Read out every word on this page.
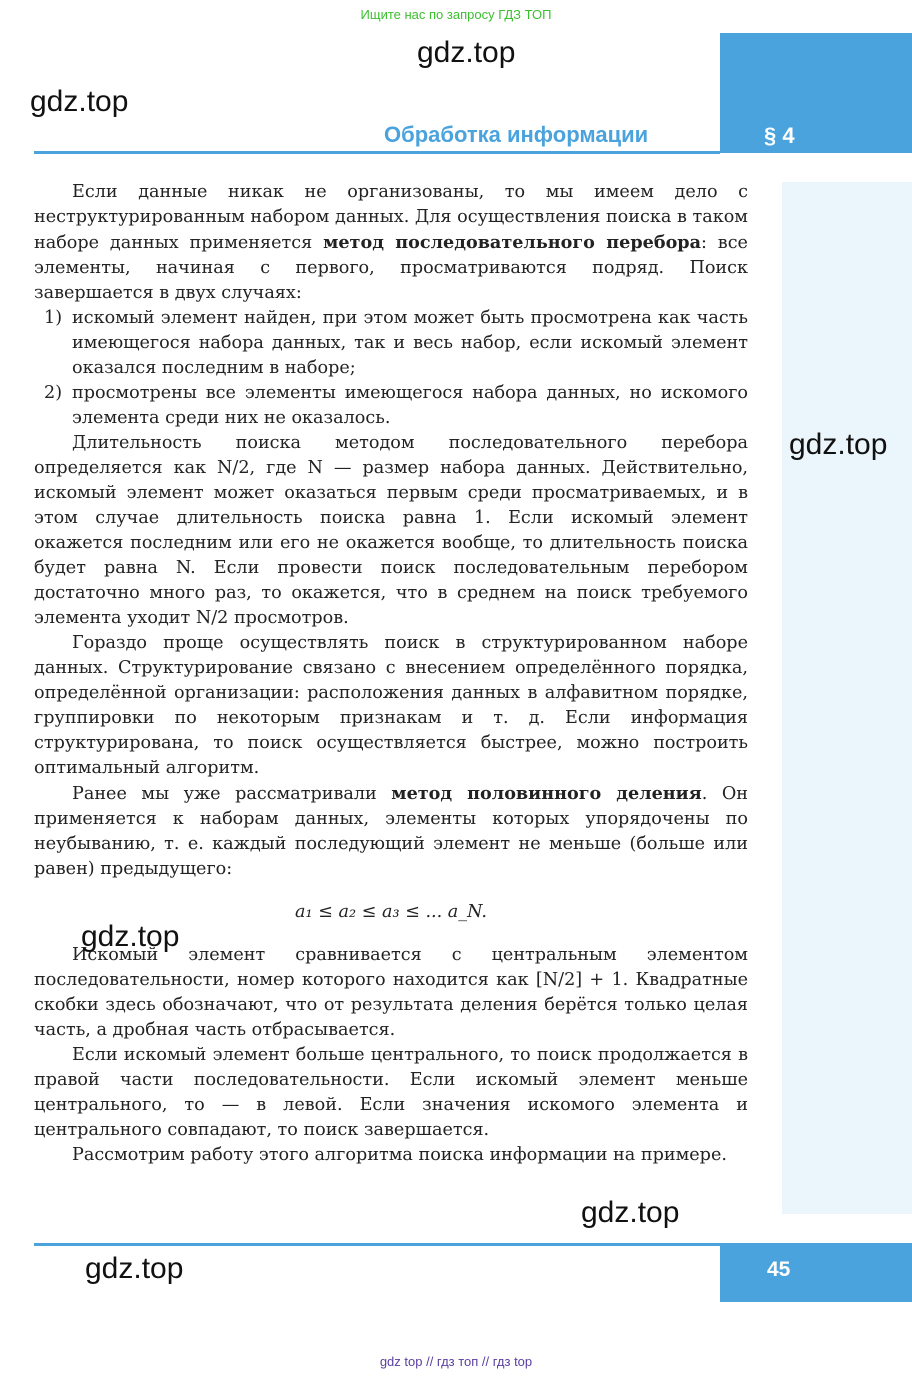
Ищите нас по запросу ГДЗ ТОП
§ 4
Обработка информации
gdz.top
gdz.top
gdz.top
gdz.top
gdz.top

Если данные никак не организованы, то мы имеем дело с неструктурированным набором данных. Для осуществления поиска в таком наборе данных применяется метод последовательного перебора: все элементы, начиная с первого, просматриваются подряд. Поиск завершается в двух случаях:

1) искомый элемент найден, при этом может быть просмотрена как часть имеющегося набора данных, так и весь набор, если искомый элемент оказался последним в наборе;
2) просмотрены все элементы имеющегося набора данных, но искомого элемента среди них не оказалось.

Длительность поиска методом последовательного перебора определяется как N/2, где N — размер набора данных. Действительно, искомый элемент может оказаться первым среди просматриваемых, и в этом случае длительность поиска равна 1. Если искомый элемент окажется последним или его не окажется вообще, то длительность поиска будет равна N. Если провести поиск последовательным перебором достаточно много раз, то окажется, что в среднем на поиск требуемого элемента уходит N/2 просмотров.

Гораздо проще осуществлять поиск в структурированном наборе данных. Структурирование связано с внесением определённого порядка, определённой организации: расположения данных в алфавитном порядке, группировки по некоторым признакам и т. д. Если информация структурирована, то поиск осуществляется быстрее, можно построить оптимальный алгоритм.

Ранее мы уже рассматривали метод половинного деления. Он применяется к наборам данных, элементы которых упорядочены по неубыванию, т. е. каждый последующий элемент не меньше (больше или равен) предыдущего:

a₁ ≤ a₂ ≤ a₃ ≤ ... a_N.

Искомый элемент сравнивается с центральным элементом последовательности, номер которого находится как [N/2] + 1. Квадратные скобки здесь обозначают, что от результата деления берётся только целая часть, а дробная часть отбрасывается.

Если искомый элемент больше центрального, то поиск продолжается в правой части последовательности. Если искомый элемент меньше центрального, то — в левой. Если значения искомого элемента и центрального совпадают, то поиск завершается.

Рассмотрим работу этого алгоритма поиска информации на примере.

gdz.top
45
gdz top // гдз топ // гдз top
